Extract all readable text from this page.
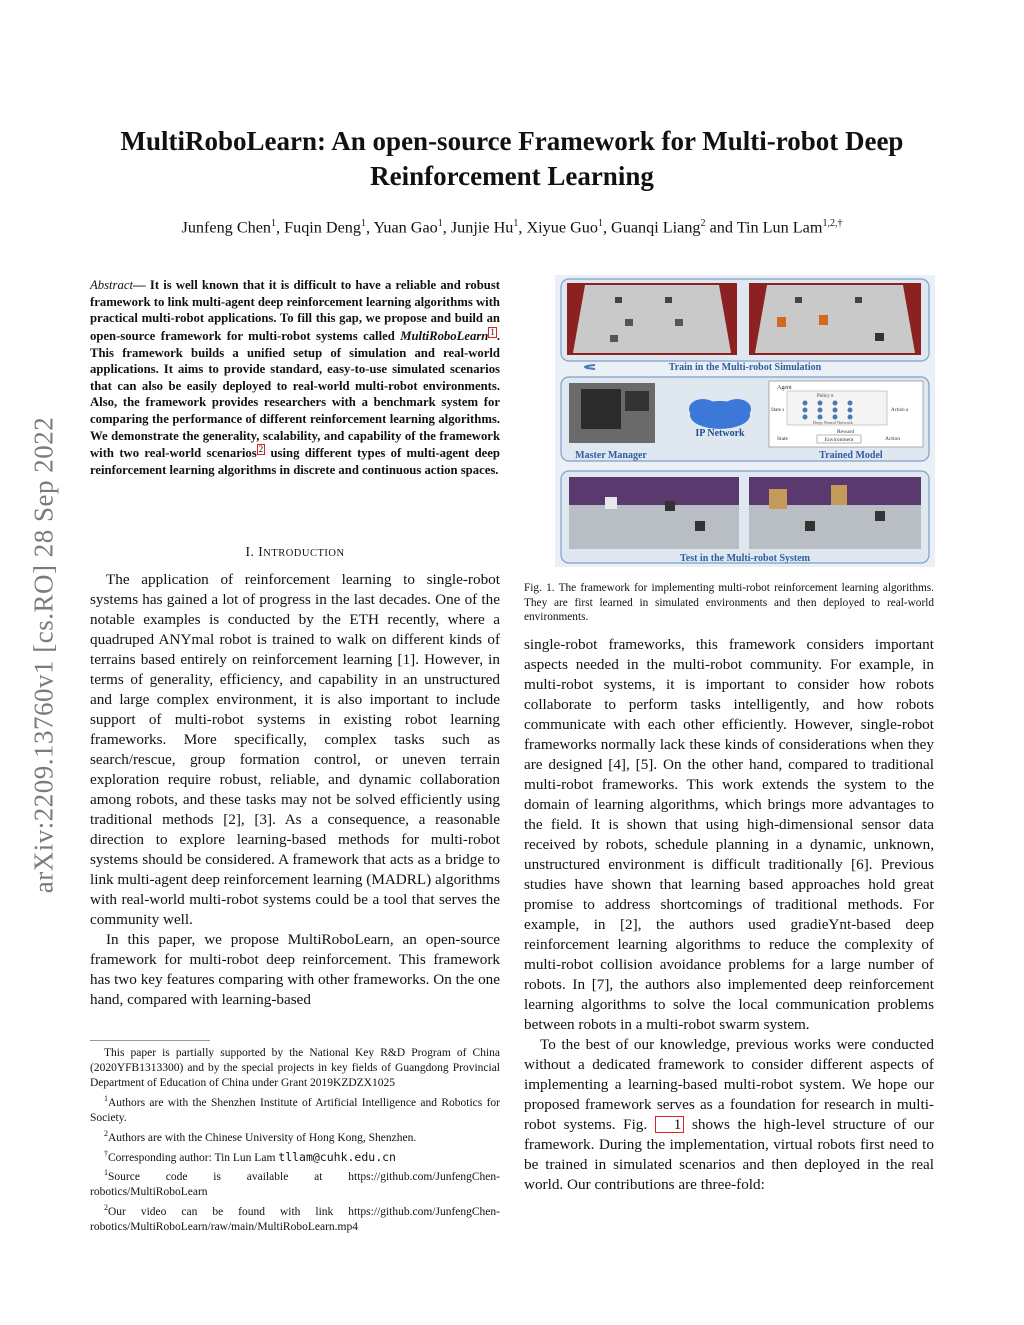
arXiv:2209.13760v1 [cs.RO] 28 Sep 2022
MultiRoboLearn: An open-source Framework for Multi-robot Deep
Reinforcement Learning
Junfeng Chen$^1$, Fuqin Deng$^1$, Yuan Gao$^1$, Junjie Hu$^1$, Xiyue Guo$^1$, Guanqi Liang$^2$ and Tin Lun Lam$^{1,2,\dagger}$
Abstract— It is well known that it is difficult to have a reliable and robust framework to link multi-agent deep reinforcement learning algorithms with practical multi-robot applications. To fill this gap, we propose and build an open-source framework for multi-robot systems called MultiRoboLearn 1 . This framework builds a unified setup of simulation and real-world applications. It aims to provide standard, easy-to-use simulated scenarios that can also be easily deployed to real-world multi-robot environments. Also, the framework provides researchers with a benchmark system for comparing the performance of different reinforcement learning algorithms. We demonstrate the generality, scalability, and capability of the framework with two real-world scenarios 2 using different types of multi-agent deep reinforcement learning algorithms in discrete and continuous action spaces.
I. INTRODUCTION

The application of reinforcement learning to single-robot systems has gained a lot of progress in the last decades. One of the notable examples is conducted by the ETH recently, where a quadruped ANYmal robot is trained to walk on different kinds of terrains based entirely on reinforcement learning [1]. However, in terms of generality, efficiency, and capability in an unstructured and large complex environment, it is also important to include support of multi-robot systems in existing robot learning frameworks. More specifically, complex tasks such as search/rescue, group formation control, or uneven terrain exploration require robust, reliable, and dynamic collaboration among robots, and these tasks may not be solved efficiently using traditional methods [2], [3]. As a consequence, a reasonable direction to explore learning-based methods for multi-robot systems should be considered. A framework that acts as a bridge to link multi-agent deep reinforcement learning (MADRL) algorithms with real-world multi-robot systems could be a tool that serves the community well.

In this paper, we propose MultiRoboLearn, an open-source framework for multi-robot deep reinforcement. This framework has two key features comparing with other frameworks. On the one hand, compared with learning-based

This paper is partially supported by the National Key R&D Program of China (2020YFB1313300) and by the special projects in key fields of Guangdong Provincial Department of Education of China under Grant 2019KZDZX1025

$^1$Authors are with the Shenzhen Institute of Artificial Intelligence and Robotics for Society.

$^2$Authors are with the Chinese University of Hong Kong, Shenzhen.

†Corresponding author: Tin Lun Lam tllam@cuhk.edu.cn

$^1$Source code is available at https://github.com/JunfengChen-robotics/MultiRoboLearn

$^2$Our video can be found with link https://github.com/JunfengChen-robotics/MultiRoboLearn/raw/main/MultiRoboLearn.mp4

Train in the Multi-robot Simulation
IP Network
Agent
Policy π
State s	Action a
Deep Neural Network
Reward
State	Action
Environment
Master Manager	Trained Model
Test in the Multi-robot System
Fig. 1. The framework for implementing multi-robot reinforcement learning algorithms. They are first learned in simulated environments and then deployed to real-world environments.

single-robot frameworks, this framework considers important aspects needed in the multi-robot community. For example, in multi-robot systems, it is important to consider how robots collaborate to perform tasks intelligently, and how robots communicate with each other efficiently. However, single-robot frameworks normally lack these kinds of considerations when they are designed [4], [5]. On the other hand, compared to traditional multi-robot frameworks. This work extends the system to the domain of learning algorithms, which brings more advantages to the field. It is shown that using high-dimensional sensor data received by robots, schedule planning in a dynamic, unknown, unstructured environment is difficult traditionally [6]. Previous studies have shown that learning based approaches hold great promise to address shortcomings of traditional methods. For example, in [2], the authors used gradieYnt-based deep reinforcement learning algorithms to reduce the complexity of multi-robot collision avoidance problems for a large number of robots. In [7], the authors also implemented deep reinforcement learning algorithms to solve the local communication problems between robots in a multi-robot swarm system.

To the best of our knowledge, previous works were conducted without a dedicated framework to consider different aspects of implementing a learning-based multi-robot system. We hope our proposed framework serves as a foundation for research in multi-robot systems. Fig. 1 shows the high-level structure of our framework. During the implementation, virtual robots first need to be trained in simulated scenarios and then deployed in the real world. Our contributions are three-fold:
